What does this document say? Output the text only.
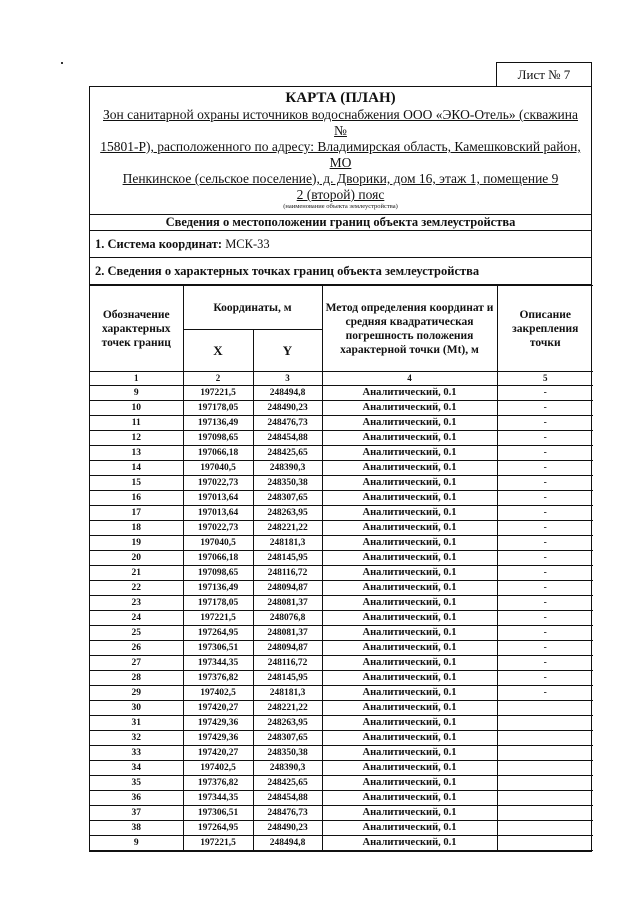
Лист № 7
КАРТА (ПЛАН)
Зон санитарной охраны источников водоснабжения ООО «ЭКО-Отель» (скважина №
15801-Р), расположенного по адресу: Владимирская область, Камешковский район, МО
Пенкинское (сельское поселение), д. Дворики, дом 16, этаж 1, помещение 9
2 (второй) пояс
(наименование объекта землеустройства)
Сведения о местоположении границ объекта землеустройства
1. Система координат: МСК-33
2. Сведения о характерных точках границ объекта землеустройства
Обозначение характерных точек границ	Координаты, м		Метод определения координат и средняя квадратическая погрешность положения характерной точки (Mt), м	Описание закрепления точки
	X	Y		
1	2	3	4	5
9	197221,5	248494,8	Аналитический, 0.1	-
10	197178,05	248490,23	Аналитический, 0.1	-
11	197136,49	248476,73	Аналитический, 0.1	-
12	197098,65	248454,88	Аналитический, 0.1	-
13	197066,18	248425,65	Аналитический, 0.1	-
14	197040,5	248390,3	Аналитический, 0.1	-
15	197022,73	248350,38	Аналитический, 0.1	-
16	197013,64	248307,65	Аналитический, 0.1	-
17	197013,64	248263,95	Аналитический, 0.1	-
18	197022,73	248221,22	Аналитический, 0.1	-
19	197040,5	248181,3	Аналитический, 0.1	-
20	197066,18	248145,95	Аналитический, 0.1	-
21	197098,65	248116,72	Аналитический, 0.1	-
22	197136,49	248094,87	Аналитический, 0.1	-
23	197178,05	248081,37	Аналитический, 0.1	-
24	197221,5	248076,8	Аналитический, 0.1	-
25	197264,95	248081,37	Аналитический, 0.1	-
26	197306,51	248094,87	Аналитический, 0.1	-
27	197344,35	248116,72	Аналитический, 0.1	-
28	197376,82	248145,95	Аналитический, 0.1	-
29	197402,5	248181,3	Аналитический, 0.1	-
30	197420,27	248221,22	Аналитический, 0.1	
31	197429,36	248263,95	Аналитический, 0.1	
32	197429,36	248307,65	Аналитический, 0.1	
33	197420,27	248350,38	Аналитический, 0.1	
34	197402,5	248390,3	Аналитический, 0.1	
35	197376,82	248425,65	Аналитический, 0.1	
36	197344,35	248454,88	Аналитический, 0.1	
37	197306,51	248476,73	Аналитический, 0.1	
38	197264,95	248490,23	Аналитический, 0.1	
9	197221,5	248494,8	Аналитический, 0.1	
